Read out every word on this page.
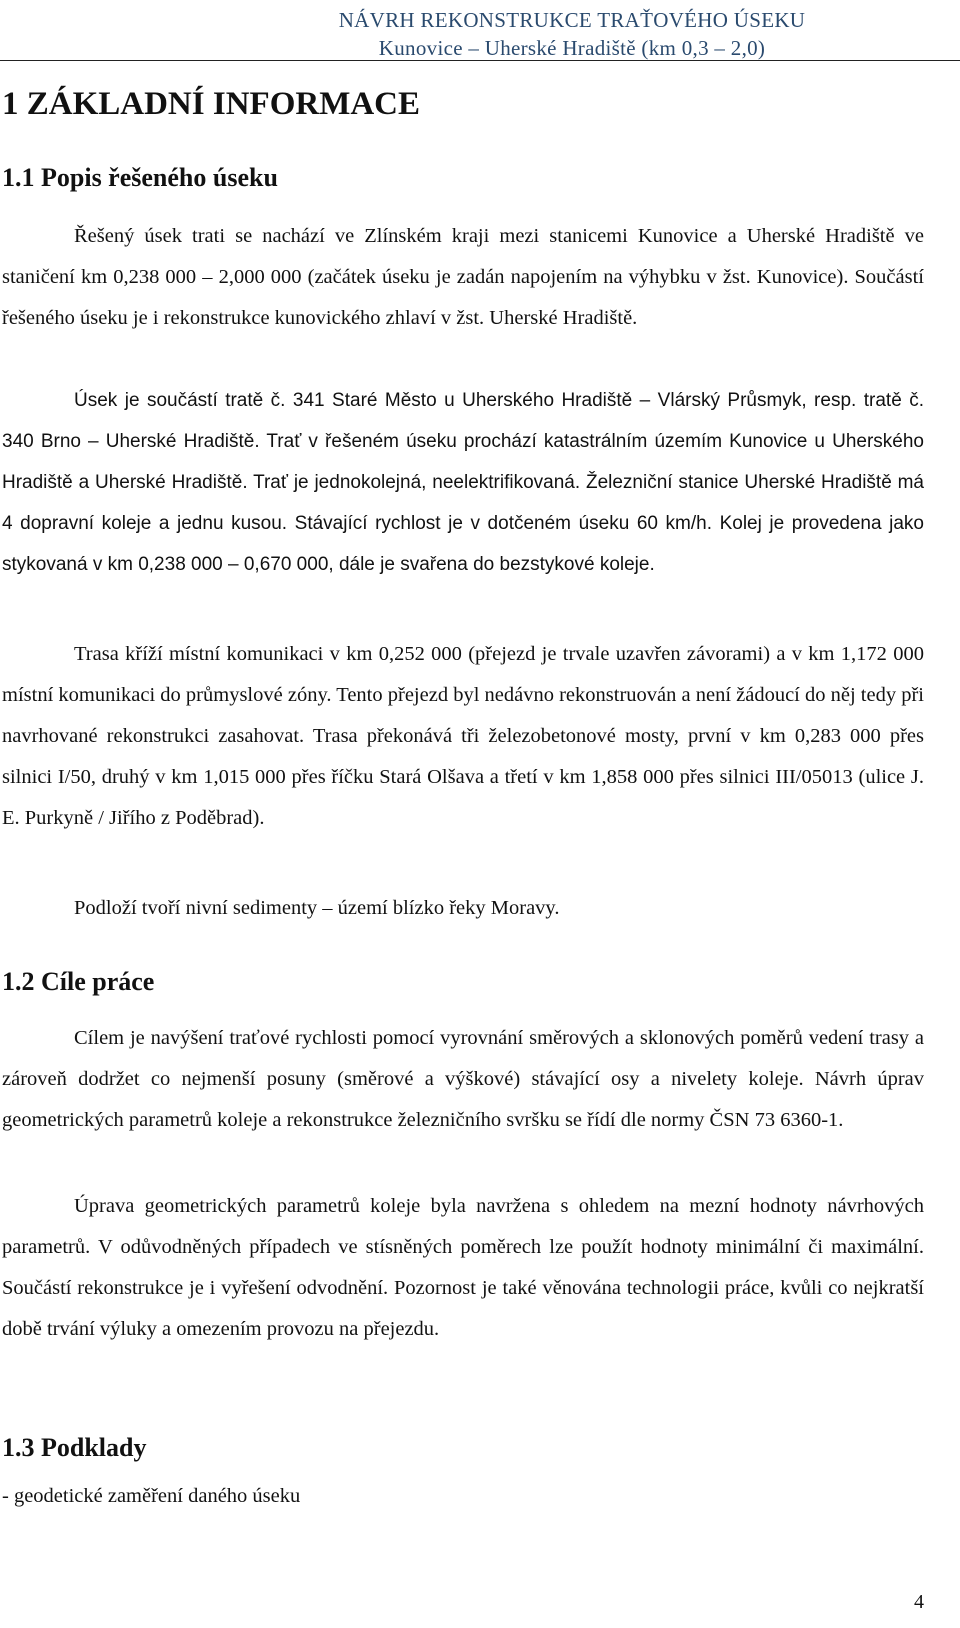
NÁVRH REKONSTRUKCE TRAŤOVÉHO ÚSEKU
Kunovice – Uherské Hradiště (km 0,3 – 2,0)
1 ZÁKLADNÍ INFORMACE
1.1 Popis řešeného úseku

Řešený úsek trati se nachází ve Zlínském kraji mezi stanicemi Kunovice a Uherské Hradiště ve staničení km 0,238 000 – 2,000 000 (začátek úseku je zadán napojením na výhybku v žst. Kunovice). Součástí řešeného úseku je i rekonstrukce kunovického zhlaví v žst. Uherské Hradiště.

Úsek je součástí tratě č. 341 Staré Město u Uherského Hradiště – Vlárský Průsmyk, resp. tratě č. 340 Brno – Uherské Hradiště. Trať v řešeném úseku prochází katastrálním územím Kunovice u Uherského Hradiště a Uherské Hradiště. Trať je jednokolejná, neelektrifikovaná. Železniční stanice Uherské Hradiště má 4 dopravní koleje a jednu kusou. Stávající rychlost je v dotčeném úseku 60 km/h. Kolej je provedena jako stykovaná v km 0,238 000 – 0,670 000, dále je svařena do bezstykové koleje.

Trasa kříží místní komunikaci v km 0,252 000 (přejezd je trvale uzavřen závorami) a v km 1,172 000 místní komunikaci do průmyslové zóny. Tento přejezd byl nedávno rekonstruován a není žádoucí do něj tedy při navrhované rekonstrukci zasahovat. Trasa překonává tři železobetonové mosty, první v km 0,283 000 přes silnici I/50, druhý v km 1,015 000 přes říčku Stará Olšava a třetí v km 1,858 000 přes silnici III/05013 (ulice J. E. Purkyně / Jiřího z Poděbrad).

Podloží tvoří nivní sedimenty – území blízko řeky Moravy.

1.2 Cíle práce

Cílem je navýšení traťové rychlosti pomocí vyrovnání směrových a sklonových poměrů vedení trasy a zároveň dodržet co nejmenší posuny (směrové a výškové) stávající osy a nivelety koleje. Návrh úprav geometrických parametrů koleje a rekonstrukce železničního svršku se řídí dle normy ČSN 73 6360-1.

Úprava geometrických parametrů koleje byla navržena s ohledem na mezní hodnoty návrhových parametrů. V odůvodněných případech ve stísněných poměrech lze použít hodnoty minimální či maximální. Součástí rekonstrukce je i vyřešení odvodnění. Pozornost je také věnována technologii práce, kvůli co nejkratší době trvání výluky a omezením provozu na přejezdu.

1.3 Podklady

- geodetické zaměření daného úseku

4
